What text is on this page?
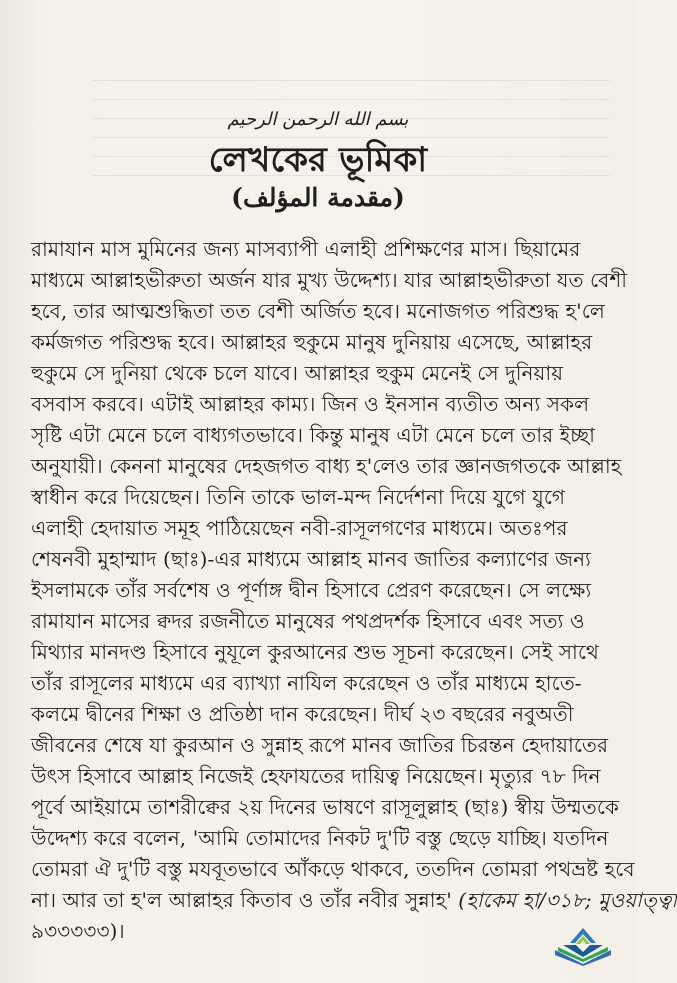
بسم الله الرحمن الرحيم
লেখকের ভূমিকা
(مقدمة المؤلف)
রামাযান মাস মুমিনের জন্য মাসব্যাপী এলাহী প্রশিক্ষণের মাস। ছিয়ামের
মাধ্যমে আল্লাহভীরুতা অর্জন যার মুখ্য উদ্দেশ্য। যার আল্লাহভীরুতা যত বেশী
হবে, তার আত্মশুদ্ধিতা তত বেশী অর্জিত হবে। মনোজগত পরিশুদ্ধ হ'লে
কর্মজগত পরিশুদ্ধ হবে। আল্লাহর হুকুমে মানুষ দুনিয়ায় এসেছে, আল্লাহর
হুকুমে সে দুনিয়া থেকে চলে যাবে। আল্লাহর হুকুম মেনেই সে দুনিয়ায়
বসবাস করবে। এটাই আল্লাহর কাম্য। জিন ও ইনসান ব্যতীত অন্য সকল
সৃষ্টি এটা মেনে চলে বাধ্যগতভাবে। কিন্তু মানুষ এটা মেনে চলে তার ইচ্ছা
অনুযায়ী। কেননা মানুষের দেহজগত বাধ্য হ'লেও তার জ্ঞানজগতকে আল্লাহ
স্বাধীন করে দিয়েছেন। তিনি তাকে ভাল-মন্দ নির্দেশনা দিয়ে যুগে যুগে
এলাহী হেদায়াত সমূহ পাঠিয়েছেন নবী-রাসূলগণের মাধ্যমে। অতঃপর
শেষনবী মুহাম্মাদ (ছাঃ)-এর মাধ্যমে আল্লাহ মানব জাতির কল্যাণের জন্য
ইসলামকে তাঁর সর্বশেষ ও পূর্ণাঙ্গ দ্বীন হিসাবে প্রেরণ করেছেন। সে লক্ষ্যে
রামাযান মাসের ক্বদর রজনীতে মানুষের পথপ্রদর্শক হিসাবে এবং সত্য ও
মিথ্যার মানদণ্ড হিসাবে নুযূলে কুরআনের শুভ সূচনা করেছেন। সেই সাথে
তাঁর রাসূলের মাধ্যমে এর ব্যাখ্যা নাযিল করেছেন ও তাঁর মাধ্যমে হাতে-
কলমে দ্বীনের শিক্ষা ও প্রতিষ্ঠা দান করেছেন। দীর্ঘ ২৩ বছরের নবুঅতী
জীবনের শেষে যা কুরআন ও সুন্নাহ রূপে মানব জাতির চিরন্তন হেদায়াতের
উৎস হিসাবে আল্লাহ নিজেই হেফাযতের দায়িত্ব নিয়েছেন। মৃত্যুর ৭৮ দিন
পূর্বে আইয়ামে তাশরীক্বের ২য় দিনের ভাষণে রাসূলুল্লাহ (ছাঃ) স্বীয় উম্মতকে
উদ্দেশ্য করে বলেন, 'আমি তোমাদের নিকট দু'টি বস্তু ছেড়ে যাচ্ছি। যতদিন
তোমরা ঐ দু'টি বস্তু মযবূতভাবে আঁকড়ে থাকবে, ততদিন তোমরা পথভ্রষ্ট হবে
না। আর তা হ'ল আল্লাহর কিতাব ও তাঁর নবীর সুন্নাহ' (হাকেম হা/৩১৮; মুওয়াত্ত্বা
৯৩৩৩৩৩)।
